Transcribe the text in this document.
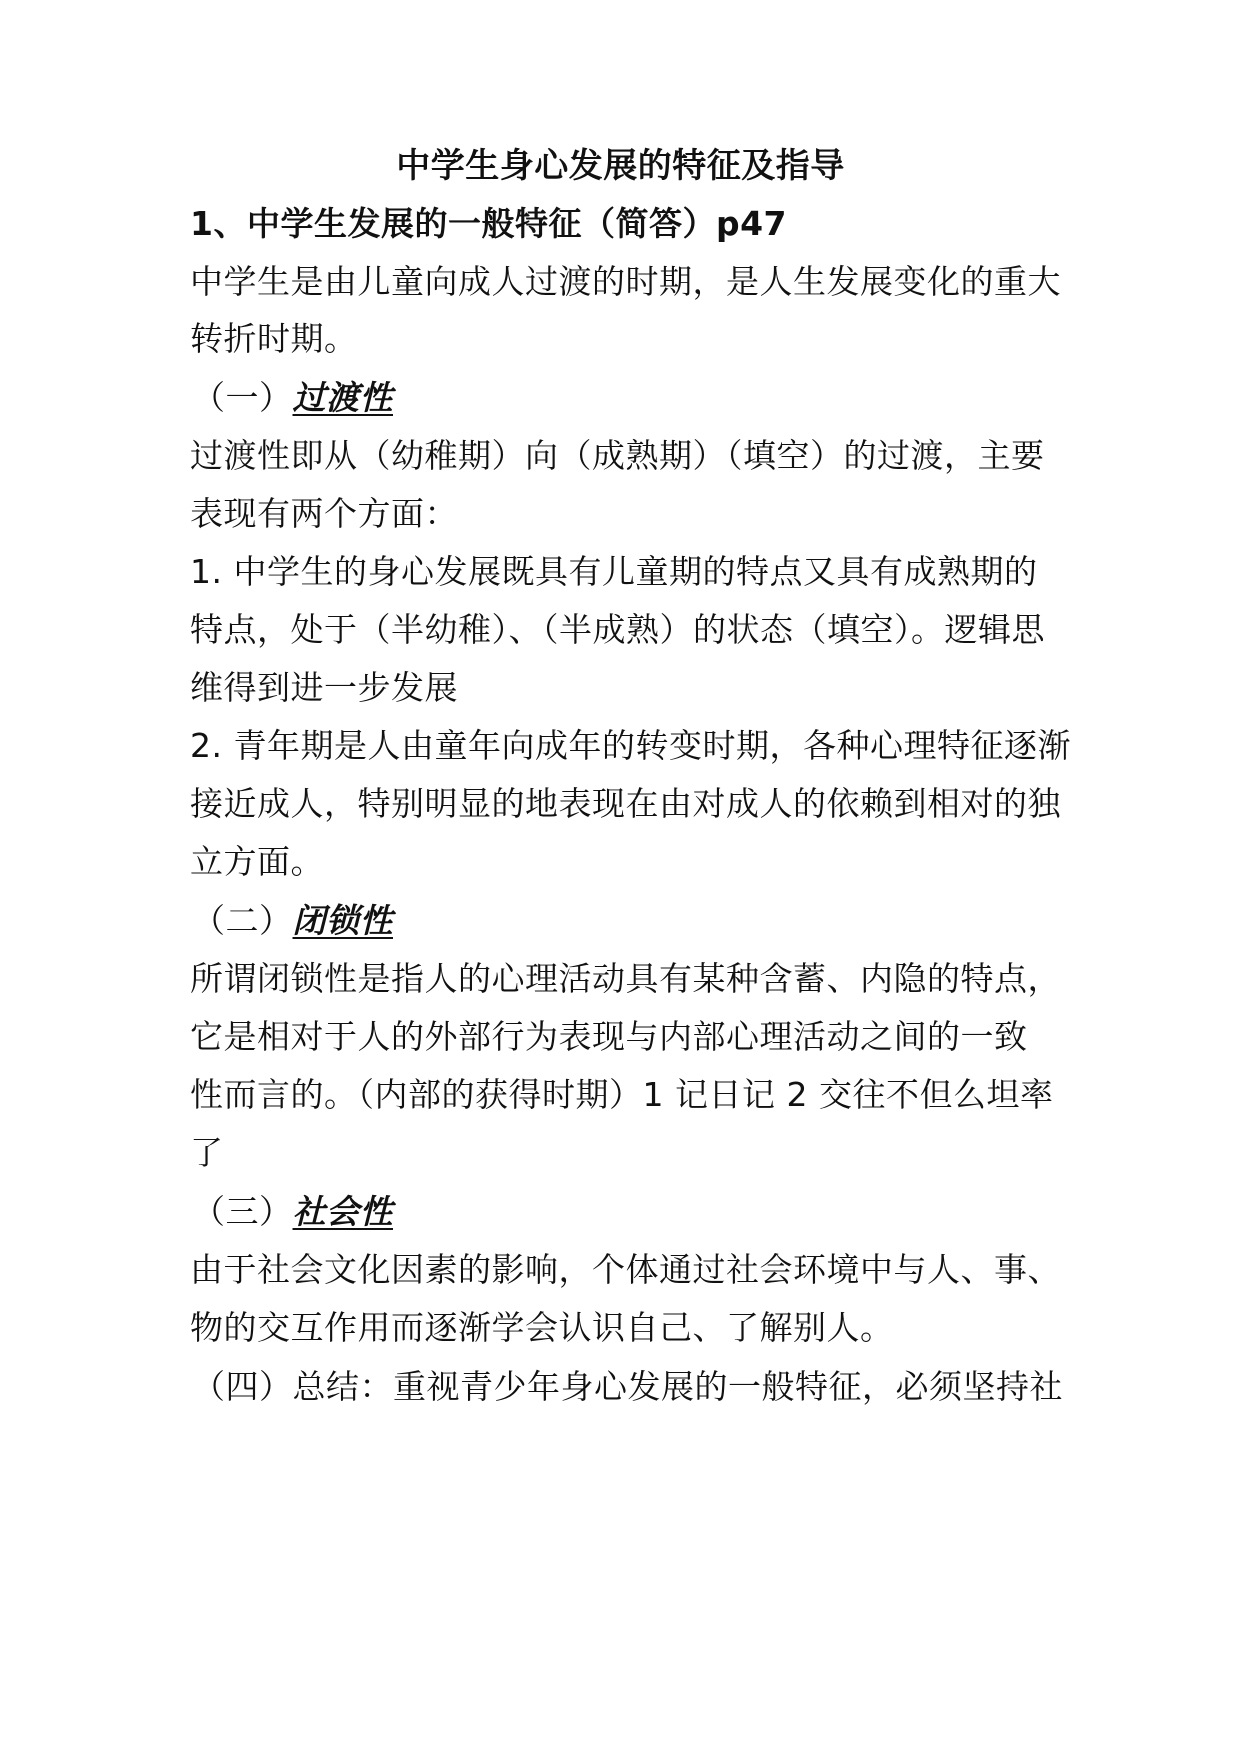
中学生身心发展的特征及指导
1、中学生发展的一般特征（简答）p47
中学生是由儿童向成人过渡的时期，是人生发展变化的重大
转折时期。
（一）过渡性
过渡性即从（幼稚期）向（成熟期）（填空）的过渡，主要
表现有两个方面：
1. 中学生的身心发展既具有儿童期的特点又具有成熟期的
特点，处于（半幼稚）、（半成熟）的状态（填空）。逻辑思
维得到进一步发展
2. 青年期是人由童年向成年的转变时期，各种心理特征逐渐
接近成人，特别明显的地表现在由对成人的依赖到相对的独
立方面。
（二）闭锁性
所谓闭锁性是指人的心理活动具有某种含蓄、内隐的特点，
它是相对于人的外部行为表现与内部心理活动之间的一致
性而言的。（内部的获得时期）1 记日记 2 交往不但么坦率
了
（三）社会性
由于社会文化因素的影响，个体通过社会环境中与人、事、
物的交互作用而逐渐学会认识自己、了解别人。
（四）总结：重视青少年身心发展的一般特征，必须坚持社
